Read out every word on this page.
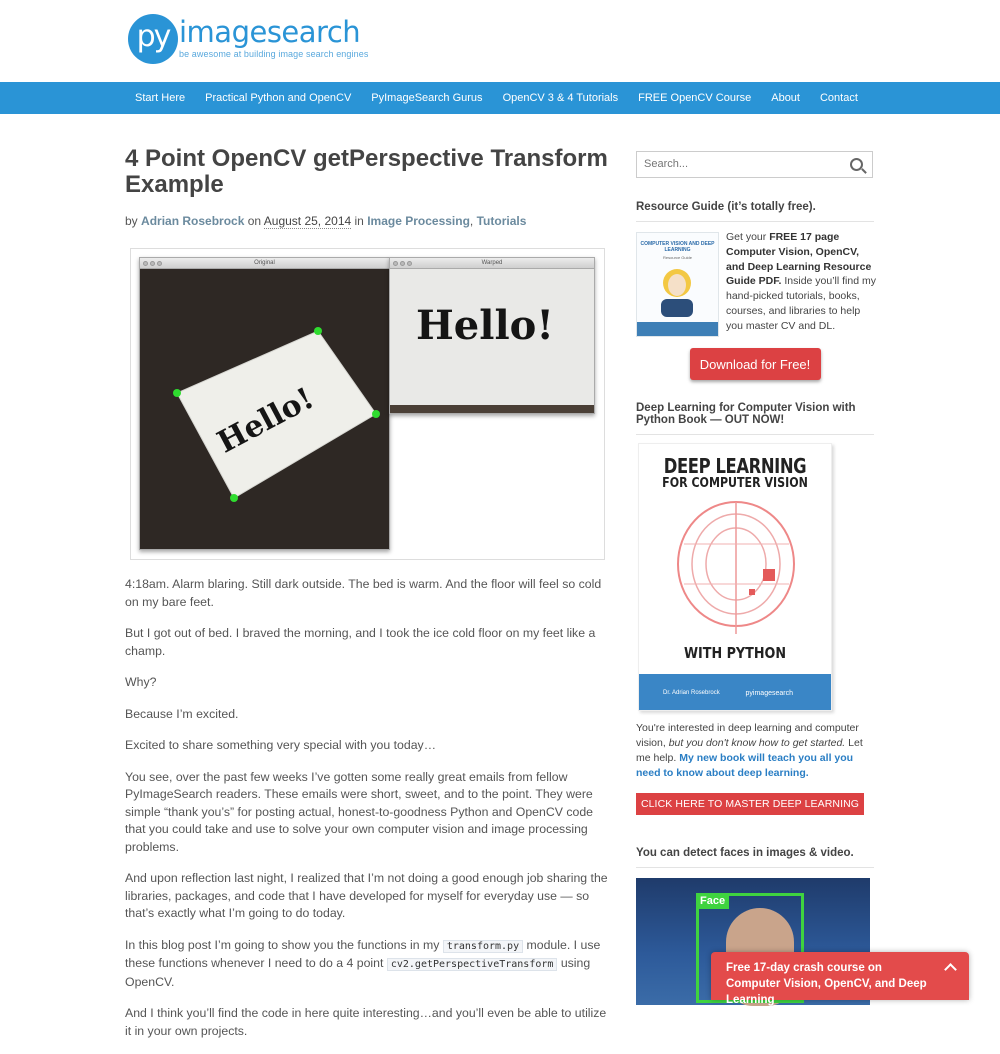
py imagesearch
be awesome at building image search engines
Start Here	Practical Python and OpenCV	PyImageSearch Gurus	OpenCV 3 & 4 Tutorials	FREE OpenCV Course	About	Contact
4 Point OpenCV getPerspective Transform Example
by Adrian Rosebrock on August 25, 2014 in Image Processing, Tutorials
Original
Hello!
Warped
Hello!

4:18am. Alarm blaring. Still dark outside. The bed is warm. And the floor will feel so cold on my bare feet.

But I got out of bed. I braved the morning, and I took the ice cold floor on my feet like a champ.

Why?

Because I’m excited.

Excited to share something very special with you today…

You see, over the past few weeks I’ve gotten some really great emails from fellow PyImageSearch readers. These emails were short, sweet, and to the point. They were simple “thank you’s” for posting actual, honest-to-goodness Python and OpenCV code that you could take and use to solve your own computer vision and image processing problems.

And upon reflection last night, I realized that I’m not doing a good enough job sharing the libraries, packages, and code that I have developed for myself for everyday use — so that’s exactly what I’m going to do today.

In this blog post I’m going to show you the functions in my transform.py module. I use these functions whenever I need to do a 4 point cv2.getPerspectiveTransform using OpenCV.

And I think you’ll find the code in here quite interesting…and you’ll even be able to utilize it in your own projects.

Search...
Resource Guide (it’s totally free).
COMPUTER VISION AND DEEP LEARNING
Resource Guide
Get your FREE 17 page Computer Vision, OpenCV, and Deep Learning Resource Guide PDF. Inside you’ll find my hand-picked tutorials, books, courses, and libraries to help you master CV and DL.
Download for Free!
Deep Learning for Computer Vision with Python Book — OUT NOW!
DEEP LEARNING
FOR COMPUTER VISION
WITH PYTHON
Dr. Adrian Rosebrock	pyimagesearch
You're interested in deep learning and computer vision, but you don't know how to get started. Let me help. My new book will teach you all you need to know about deep learning.
CLICK HERE TO MASTER DEEP LEARNING
You can detect faces in images & video.
Face
Free 17-day crash course on Computer Vision, OpenCV, and Deep Learning
